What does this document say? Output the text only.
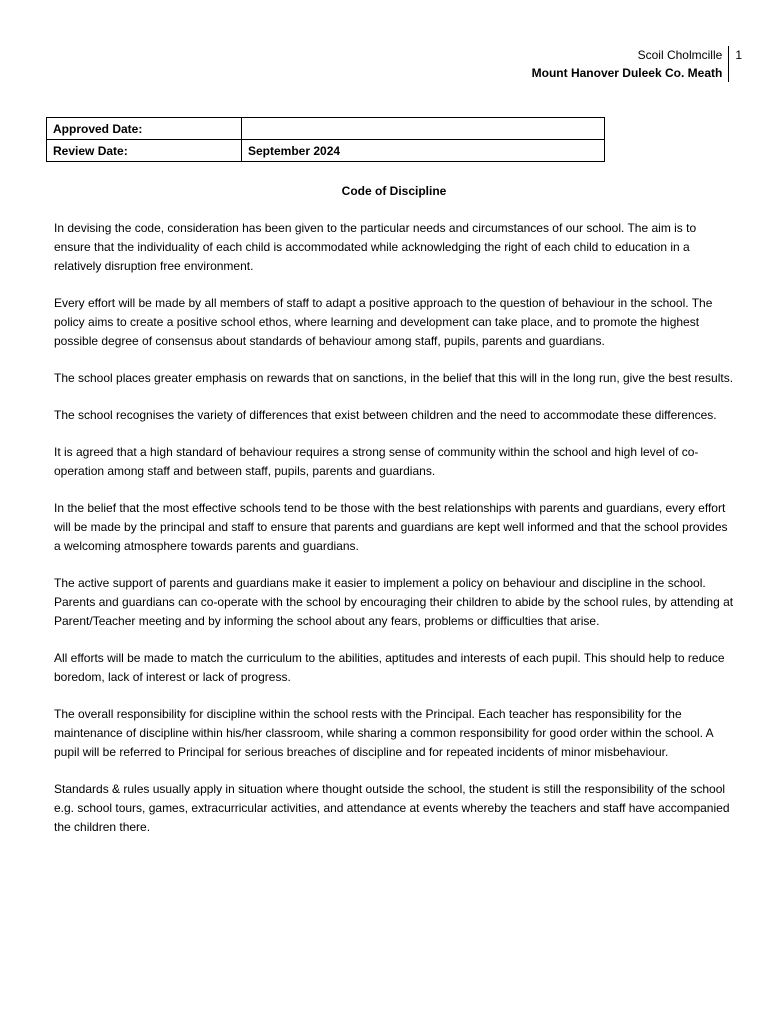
Scoil Cholmcille
Mount Hanover Duleek Co. Meath
1
Approved Date:	
Review Date:	September 2024
Code of Discipline

In devising the code, consideration has been given to the particular needs and circumstances of our school. The aim is to ensure that the individuality of each child is accommodated while acknowledging the right of each child to education in a relatively disruption free environment.

Every effort will be made by all members of staff to adapt a positive approach to the question of behaviour in the school. The policy aims to create a positive school ethos, where learning and development can take place, and to promote the highest possible degree of consensus about standards of behaviour among staff, pupils, parents and guardians.

The school places greater emphasis on rewards that on sanctions, in the belief that this will in the long run, give the best results.

The school recognises the variety of differences that exist between children and the need to accommodate these differences.

It is agreed that a high standard of behaviour requires a strong sense of community within the school and high level of co-operation among staff and between staff, pupils, parents and guardians.

In the belief that the most effective schools tend to be those with the best relationships with parents and guardians, every effort will be made by the principal and staff to ensure that parents and guardians are kept well informed and that the school provides a welcoming atmosphere towards parents and guardians.

The active support of parents and guardians make it easier to implement a policy on behaviour and discipline in the school. Parents and guardians can co-operate with the school by encouraging their children to abide by the school rules, by attending at Parent/Teacher meeting and by informing the school about any fears, problems or difficulties that arise.

All efforts will be made to match the curriculum to the abilities, aptitudes and interests of each pupil. This should help to reduce boredom, lack of interest or lack of progress.

The overall responsibility for discipline within the school rests with the Principal. Each teacher has responsibility for the maintenance of discipline within his/her classroom, while sharing a common responsibility for good order within the school. A pupil will be referred to Principal for serious breaches of discipline and for repeated incidents of minor misbehaviour.

Standards & rules usually apply in situation where thought outside the school, the student is still the responsibility of the school e.g. school tours, games, extracurricular activities, and attendance at events whereby the teachers and staff have accompanied the children there.
